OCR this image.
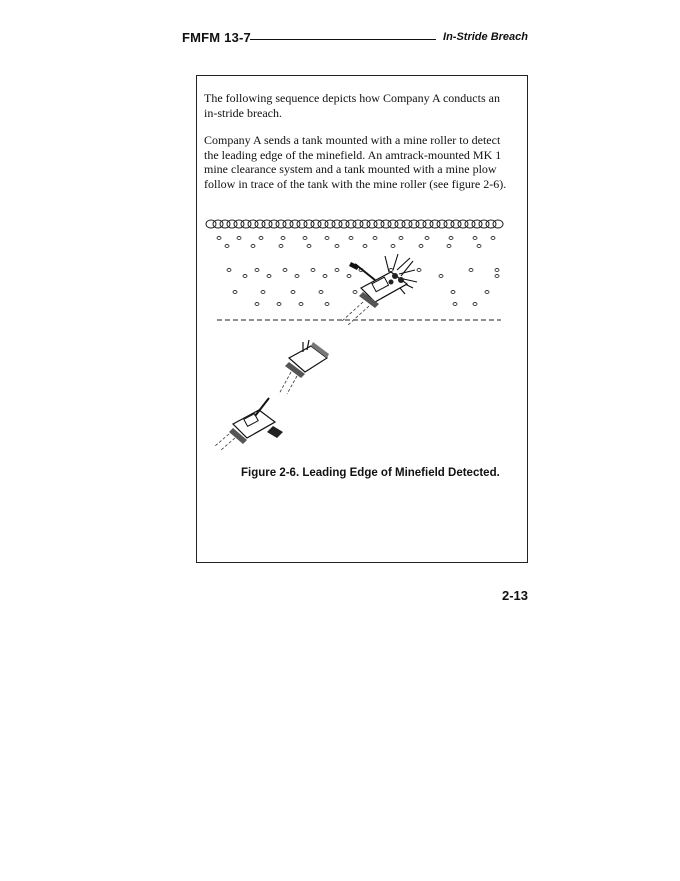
FMFM 13-7	In-Stride Breach

The following sequence depicts how Company A conducts an in-stride breach.

Company A sends a tank mounted with a mine roller to detect the leading edge of the minefield. An amtrack-mounted MK 1 mine clearance system and a tank mounted with a mine plow follow in trace of the tank with the mine roller (see figure 2-6).

Figure 2-6. Leading Edge of Minefield Detected.
2-13
